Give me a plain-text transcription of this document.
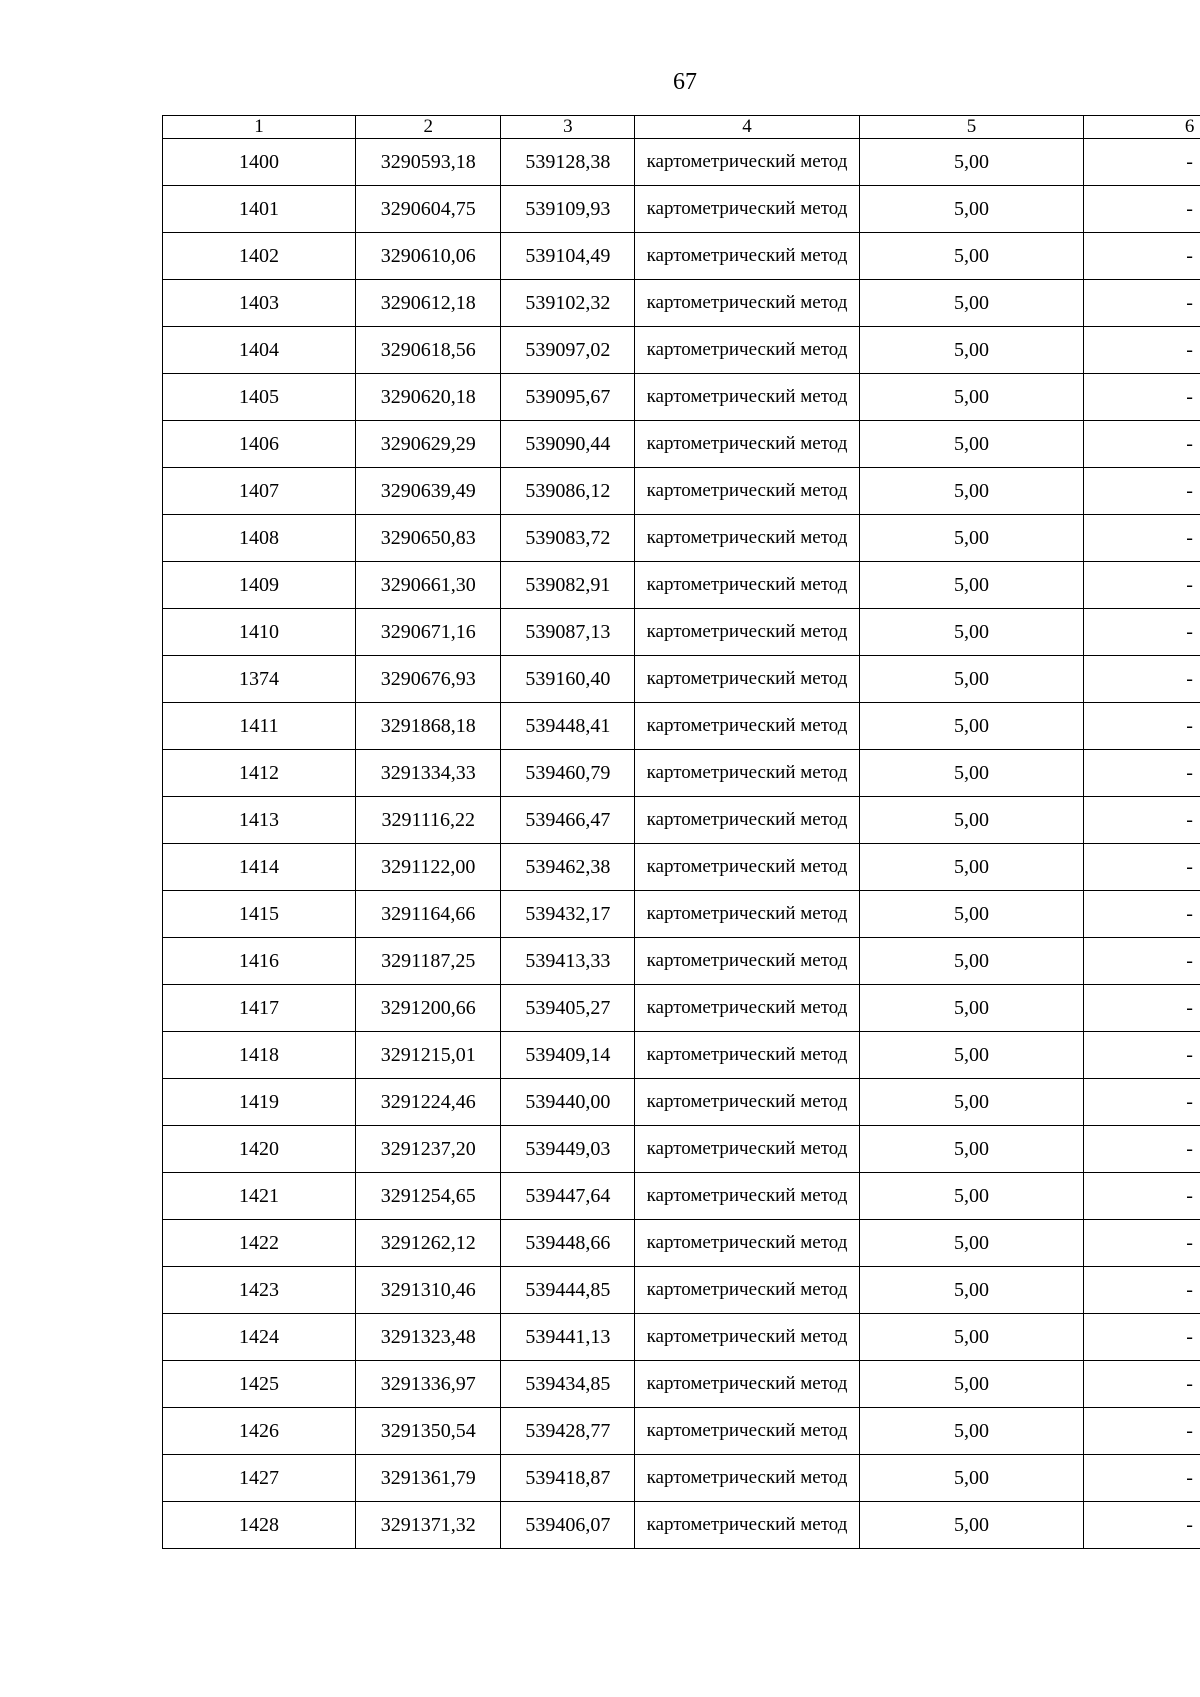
67
1	2	3	4	5	6
1400	3290593,18	539128,38	картометрический метод	5,00	-
1401	3290604,75	539109,93	картометрический метод	5,00	-
1402	3290610,06	539104,49	картометрический метод	5,00	-
1403	3290612,18	539102,32	картометрический метод	5,00	-
1404	3290618,56	539097,02	картометрический метод	5,00	-
1405	3290620,18	539095,67	картометрический метод	5,00	-
1406	3290629,29	539090,44	картометрический метод	5,00	-
1407	3290639,49	539086,12	картометрический метод	5,00	-
1408	3290650,83	539083,72	картометрический метод	5,00	-
1409	3290661,30	539082,91	картометрический метод	5,00	-
1410	3290671,16	539087,13	картометрический метод	5,00	-
1374	3290676,93	539160,40	картометрический метод	5,00	-
1411	3291868,18	539448,41	картометрический метод	5,00	-
1412	3291334,33	539460,79	картометрический метод	5,00	-
1413	3291116,22	539466,47	картометрический метод	5,00	-
1414	3291122,00	539462,38	картометрический метод	5,00	-
1415	3291164,66	539432,17	картометрический метод	5,00	-
1416	3291187,25	539413,33	картометрический метод	5,00	-
1417	3291200,66	539405,27	картометрический метод	5,00	-
1418	3291215,01	539409,14	картометрический метод	5,00	-
1419	3291224,46	539440,00	картометрический метод	5,00	-
1420	3291237,20	539449,03	картометрический метод	5,00	-
1421	3291254,65	539447,64	картометрический метод	5,00	-
1422	3291262,12	539448,66	картометрический метод	5,00	-
1423	3291310,46	539444,85	картометрический метод	5,00	-
1424	3291323,48	539441,13	картометрический метод	5,00	-
1425	3291336,97	539434,85	картометрический метод	5,00	-
1426	3291350,54	539428,77	картометрический метод	5,00	-
1427	3291361,79	539418,87	картометрический метод	5,00	-
1428	3291371,32	539406,07	картометрический метод	5,00	-
